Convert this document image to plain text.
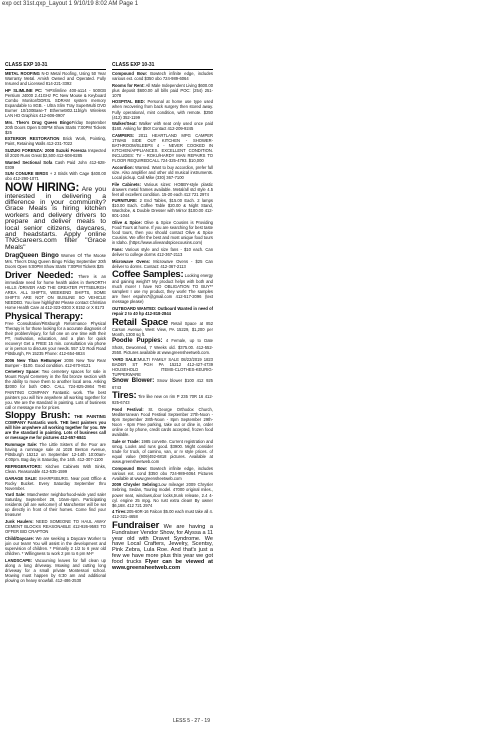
exp oct 31st.qxp_Layout 1 9/10/19 8:02 AM Page 1
CLASS EXP 10-31

METAL ROOFING N-D Metal Roofing, Using 50 Year Warranty Metal. Amish Owned and Operated. Fully Insured and Licensed 814-221-3392

HP SLIMLINE PC: "HPSlimline 400-a114 - 500GB Pentium J4000 2.41GHz PC New Mouse & Keyboard Combo Monitor/DDR3L SDRAM system memory Expandable to 8GB. - Ultra Slim Tray SuperMulti DVD Burner 10/100Base-T Ethernet802.11b/g/n Wireless LAN HD Graphics 412-606-0907

Mrs. Theo's Drug Queen BingoFriday September 20th Doors Open 5:00PM Show Starts 7:00PM Tickets $25

EXTERIOR RESTORATION Brick Work, Pointing, Paint, Retaining Walls 412-231-7022

SUZUKI FORENZA: 2008 Suzuki Forenza Inspected till 2020 Runs Great $2,500 412-508-8285

Wanted Sectional Sofa Cash Paid John 412-628-0309

SUN CONURE BIRDS + 2 Birds With Cage $400.00 obo 412-290-1071

NOW HIRING: Are you interested in delivering a difference in your community? Grace Meals is hiring kitchen workers and delivery drivers to prepare and deliver meals to local senior citizens, daycares, and headstarts. Apply online TNGcareers.com filter "Grace Meals"

DragQueen Bingo Women Of The Moose Mrs. Theo's Drag Queen Bingo Friday September 20th Doors Open 5:00PM Show Starts 7:00PM Tickets $25

Driver Needed: There is an immediate need for home health aides in theNORTH HILLS /DRIVER AND THE GREATER PITTSBURGH AREA. ALL SHIFTS, WEEKEND SHIFTS, SOME SHIFTS ARE NOT ON BUSLINE SO VEHICLE NEEDED. You love highlights! Please contact Christian Home Health Care at 412-323-0303 X 8152 or X 8173

Physical Therapy:
Free Consultation/Pittsburgh Reformance Physical Therapy is for those looking for a accurate diagnosis of their problem/injury, for full one on one time with their PT, motivation, education, and a plan for quick recovery! Get a FREE 15 min. consultation via phone or in person to discuss your needs. 557 1/2 Rodi Road Pittsburgh, PA 15235 Phone: 412-654-6824

2006 New Titan ReBumper 2006 New Tow Rear Bumper - $100. Good condition. 412-670-8121

Cemetery Space: Two cemetery spaces for sale in Mount Royal Cemetery in the flat bronze section with the ability to move them to another local area. Asking $2000 for both OBO. CALL 724-825-2864 THE PAINTING COMPANY Fantastic work. The best painters you will hire anywhere all working together for you. We are the standard in painting. Lots of business call or message me for prices.

Sloppy Brush: THE PAINTING COMPANY Fantastic work. THE best painters you will hire anywhere all working together for you. We are the standard in painting. Lots of business call or message me for pictures 412-657-6841

Rummage Sale: The Little Sisters of the Poor are having a rummage sale at 1028 Benton Avenue, Pittsburgh 15212 on September 12-14th 10:00am-4:00pm. Bag day is Saturday, the 14th. 412-307-1100

REFRIGERATORS: Kitchen Cabinets With Sinks, Clean. Reasonable 412-535-1599

GARAGE SALE: SHARPSBURG. Near post Office & Rocky Bucket. Every Saturday September thru November.

Yard Sale: Manchester neighborhood-wide yard sale! Saturday, September 28, 10am-4pm. Participating residents (all are welcome!) of Manchester will be set up directly in front of their homes. Come find your treasure!

Junk Haulers: NEED SOMEONE TO HAUL AWAY CEMENT BLOCKS REASONABLE 412-926-9593 TO OFFER BID CRAPTON

Child/Daycare: We are seeking a Daycare Worker to join our team! You will assist in the development and supervision of children. * Primarily 2 1/2 to 6 year old children. * Willingness to work 2 pm to 6 pm M-F

LANDSCAPE: Vacuuming leaves for fall clean up along a long driveway. Mowing and cutting long driveway for a small private Montessori school. Mowing must happen by 6:30 am and additional plowing on heavy snowfall. 412-486-2530

CLASS EXP 10-31

Compound Bow: Bowtech infinite edge, includes various ext. cond $350 obo 724-989-6064

Rooms for Rent: All Male Independent Living $600.00 plus deposit $600.00 all bills paid POC: (254) 251-1078

HOSPITAL BED: Personal at home use type used when recovering from back surgery then stored away. Fully operational, mint condition, with remote. $250 (412) 352-1199

Walker/Seat: Walker with seat only used once paid $160. Asking for $50! Contact 412-209-9245

CAMPERS: 2011 HEARTLAND MPG CAMPER 1TWAB SIDE OUT KITCHEN - SHOWER-BATHROOM/SLEEPS 4 - NEVER COOKED IN KITCHEN/APPLIANCES. EXCELLENT CONDITION. INCLUDES: TV - ROKU/HARDY MAN REPAIRS TO FLOOR REQUIREDCALL 724-325-4793. $10,000

Accordion: Wanted. Want to buy accordion, prefer full size. Also amplifier and other old musical instruments. Local pickup. Call Mike (330) 367-7100

File Cabinets: Various sizes: HOBBY-style plastic drawers metal frames available. Metal/all std style 4.5 feet all excellent condition. 15-20 each 412 721 2974

FURNITURE: 2 End Tables, $15.00 Each. 2 lamps $10.00 Each. Coffee Table $20.00 & Night Stand, Wardrobe, & Double Dresser with Mirror $100.00 412-801-1044

Olive & Spice: Olive & Spice Cousins is Providing Food Tours at home. If you are searching for best taste food tours, then you should contact Olive & Spice Cousins. We offer the best and most unique food tours in Idaho. (https://www.oliveandspicecousins.com)

Fans: Various style and size fans - $10 each. Can deliver to college dorms 412-367-2113

Microwave Ovens: Microwave Ovens - $25 Can deliver to dorms. Contact: 412-367-2113

Coffee Samples: Looking energy and gaining weight? My product helps with both and much more! I have NO OBLIGATION TO BUY** samples! I use my product, they work! The samples are free! espahn7@gmail.com 412-517-2096 (text message please)

OUTBOARD WANTED: Outboard Wanted in need of repair 2 to 40 hp 412-818-2844

Retail Space Retail Space at 852 Carson Avenue, West View, PA 15229, $1,200 per Month, 1300 sq ft.

Poodle Puppies: 4 Female, up to Date Shots, Dewormed, 7 Weeks old. $375.00. 412-552-2550. Pictures available at www.greensheetweb.com.

YARD SALE:MULTI FAMILY SALE 08/22/2019 1823 BADER ST PGH PA 15212 412-427-4739 HOUSEHOLD ITEMS-CLOTHES-KEURIG-TUPPERWARE

Snow Blower: Snow blower $100 412 925 6743

Tires: Tire like new on rim P 235 70R 16 412-925-6743

Food Festival: St. George Orthodox Church, Mediterranean Food Festival September 27th-Noon - 8pm September 28th-Noon - 8pm September 29th-Noon - 6pm Free parking, take out or dine in, order online or by phone, credit cards accepted, frozen food available.

Sale or Trade: 1985 corvette. Current registration and smog. Looks and runs good. $3900. Might consider trade for truck, of camino, van, or rv style prices. of equal value (909)492-6818 pictures. Available at www.greensheetweb.com

Compound Bow: Bowtech infinite edge, includes various ext. cond $350 obo 724-989-6064 Pictures Available at www.greensheetweb.com

2009 Chrysler Sebring:Low mileage! 2009 Chrysler Sebring, Sedan, Touring model. 47000 original miles., power seat, windows,door locks,trunk release, 2.4 4-cyl. engine 25 mpg. No rust extra clean! By owner $6,168. 412 721 2974

4 Tires:205-60R-16 Falcon $5.00 each must take all 4. 412-321-4658

Fundraiser We are having a Fundraiser Vendor Show, for Alyssa a 11 year old with Dravet Syndrome. We have Local Crafters, Jewelry, Scentsy, Pink Zebra, Lula Roe. And that's just a few we have more plus this year we got food trucks Flyer can be viewed at www.greensheetweb.com

LESS 5 - 27 - 19
